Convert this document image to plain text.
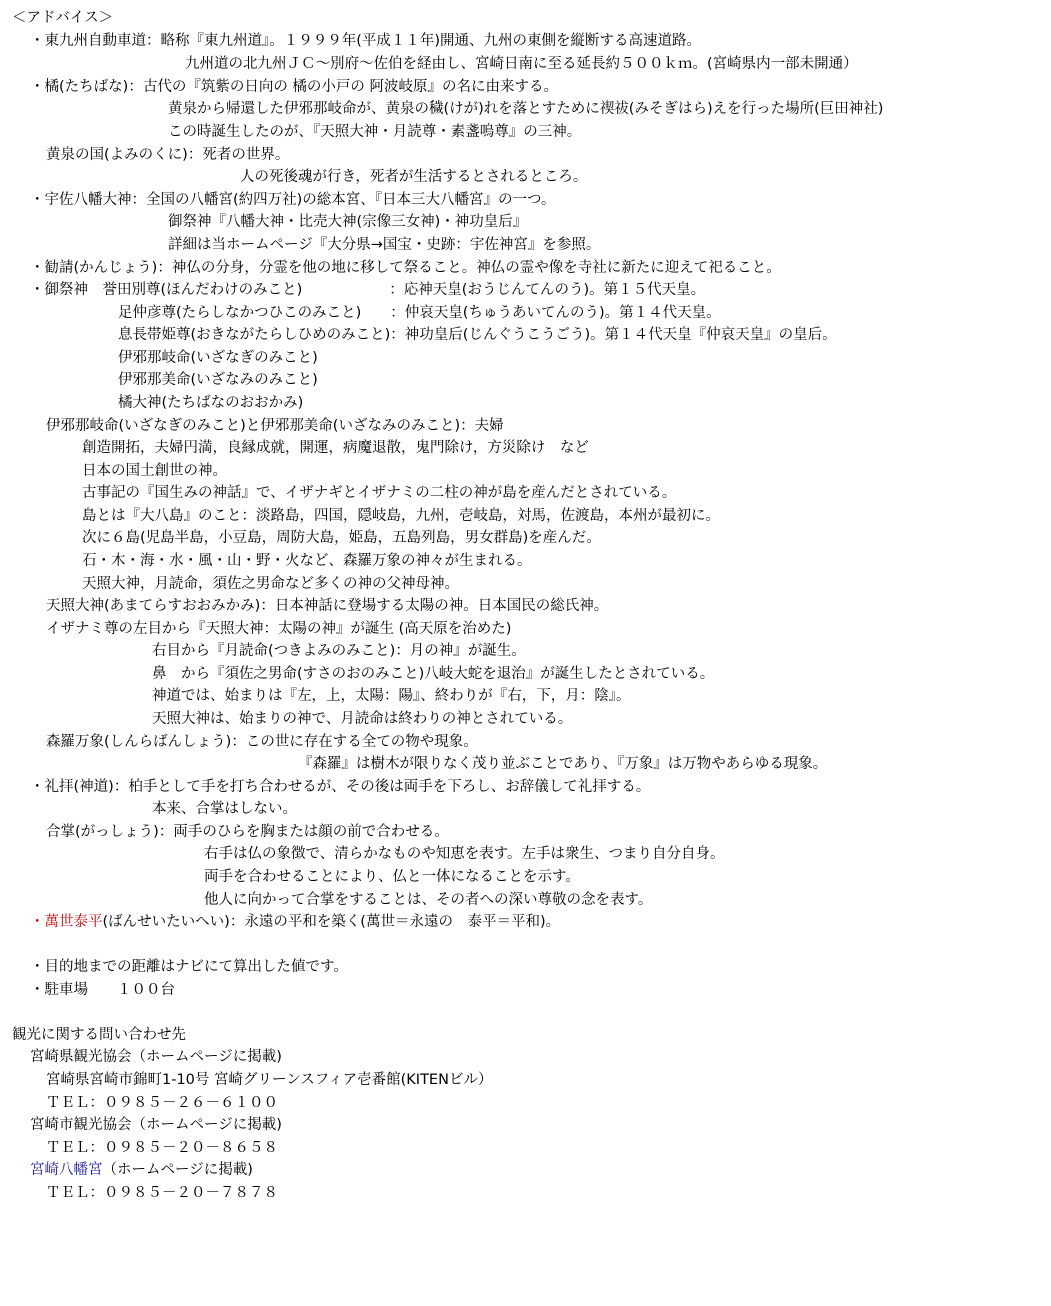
＜アドバイス＞
・東九州自動車道：略称『東九州道』。１９９９年(平成１１年)開通、九州の東側を縦断する高速道路。
九州道の北九州ＪＣ～別府～佐伯を経由し、宮崎日南に至る延長約５００ｋｍ。(宮崎県内一部未開通）
・橘(たちばな)：古代の『筑紫の日向の 橘の小戸の 阿波岐原』の名に由来する。
黄泉から帰還した伊邪那岐命が、黄泉の穢(けが)れを落とすために禊祓(みそぎはら)えを行った場所(巨田神社)
この時誕生したのが、『天照大神・月読尊・素盞嗚尊』の三神。
黄泉の国(よみのくに)：死者の世界。
人の死後魂が行き，死者が生活するとされるところ。
・宇佐八幡大神：全国の八幡宮(約四万社)の総本宮、『日本三大八幡宮』の一つ。
御祭神『八幡大神・比売大神(宗像三女神)・神功皇后』
詳細は当ホームページ『大分県→国宝・史跡：宇佐神宮』を参照。
・勧請(かんじょう)：神仏の分身，分霊を他の地に移して祭ること。神仏の霊や像を寺社に新たに迎えて祀ること。
・御祭神　誉田別尊(ほんだわけのみこと)　　　　　　：応神天皇(おうじんてんのう)。第１５代天皇。
足仲彦尊(たらしなかつひこのみこと)　　：仲哀天皇(ちゅうあいてんのう)。第１４代天皇。
息長帯姫尊(おきながたらしひめのみこと)：神功皇后(じんぐうこうごう)。第１４代天皇『仲哀天皇』の皇后。
伊邪那岐命(いざなぎのみこと)
伊邪那美命(いざなみのみこと)
橘大神(たちばなのおおかみ)
伊邪那岐命(いざなぎのみこと)と伊邪那美命(いざなみのみこと)：夫婦
創造開拓，夫婦円満，良縁成就，開運，病魔退散，鬼門除け，方災除け　など
日本の国土創世の神。
古事記の『国生みの神話』で、イザナギとイザナミの二柱の神が島を産んだとされている。
島とは『大八島』のこと：淡路島，四国，隠岐島，九州，壱岐島，対馬，佐渡島，本州が最初に。
次に６島(児島半島，小豆島，周防大島，姫島，五島列島，男女群島)を産んだ。
石・木・海・水・風・山・野・火など、森羅万象の神々が生まれる。
天照大神，月読命，須佐之男命など多くの神の父神母神。
天照大神(あまてらすおおみかみ)：日本神話に登場する太陽の神。日本国民の総氏神。
イザナミ尊の左目から『天照大神：太陽の神』が誕生 (高天原を治めた)
右目から『月読命(つきよみのみこと)：月の神』が誕生。
鼻　から『須佐之男命(すさのおのみこと)八岐大蛇を退治』が誕生したとされている。
神道では、始まりは『左，上，太陽：陽』、終わりが『右，下，月：陰』。
天照大神は、始まりの神で、月読命は終わりの神とされている。
森羅万象(しんらばんしょう)：この世に存在する全ての物や現象。
『森羅』は樹木が限りなく茂り並ぶことであり、『万象』は万物やあらゆる現象。
・礼拝(神道)：柏手として手を打ち合わせるが、その後は両手を下ろし、お辞儀して礼拝する。
本来、合掌はしない。
合掌(がっしょう)：両手のひらを胸または顔の前で合わせる。
右手は仏の象徴で、清らかなものや知恵を表す。左手は衆生、つまり自分自身。
両手を合わせることにより、仏と一体になることを示す。
他人に向かって合掌をすることは、その者への深い尊敬の念を表す。
・萬世泰平(ばんせいたいへい)：永遠の平和を築く(萬世＝永遠の　泰平＝平和)。
・目的地までの距離はナビにて算出した値です。
・駐車場　　１００台
観光に関する問い合わせ先
宮崎県観光協会（ホームページに掲載)
宮崎県宮崎市錦町1-10号 宮崎グリーンスフィア壱番館(KITENビル）
ＴＥＬ：０９８５－２６－６１００
宮崎市観光協会（ホームページに掲載)
ＴＥＬ：０９８５－２０－８６５８
宮崎八幡宮（ホームページに掲載)
ＴＥＬ：０９８５－２０－７８７８
